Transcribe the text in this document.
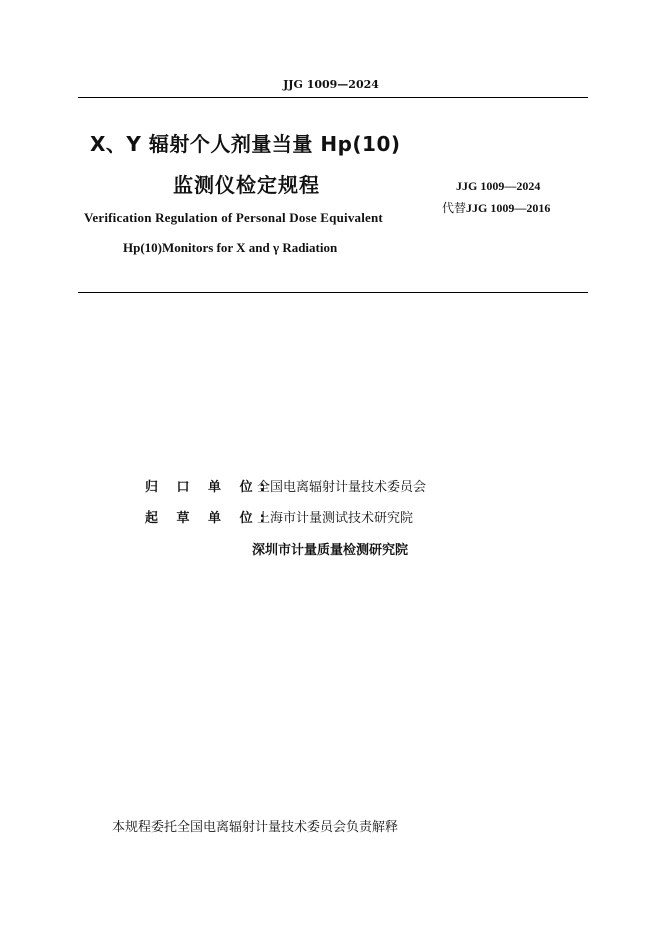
JJG 1009—2024
X、Y 辐射个人剂量当量 Hp(10)
监测仪检定规程
Verification Regulation of Personal Dose Equivalent
Hp(10)Monitors for X and γ Radiation
JJG 1009—2024
代替JJG 1009—2016
归 口 单 位:
全国电离辐射计量技术委员会
起 草 单 位:
上海市计量测试技术研究院
深圳市计量质量检测研究院
本规程委托全国电离辐射计量技术委员会负责解释
